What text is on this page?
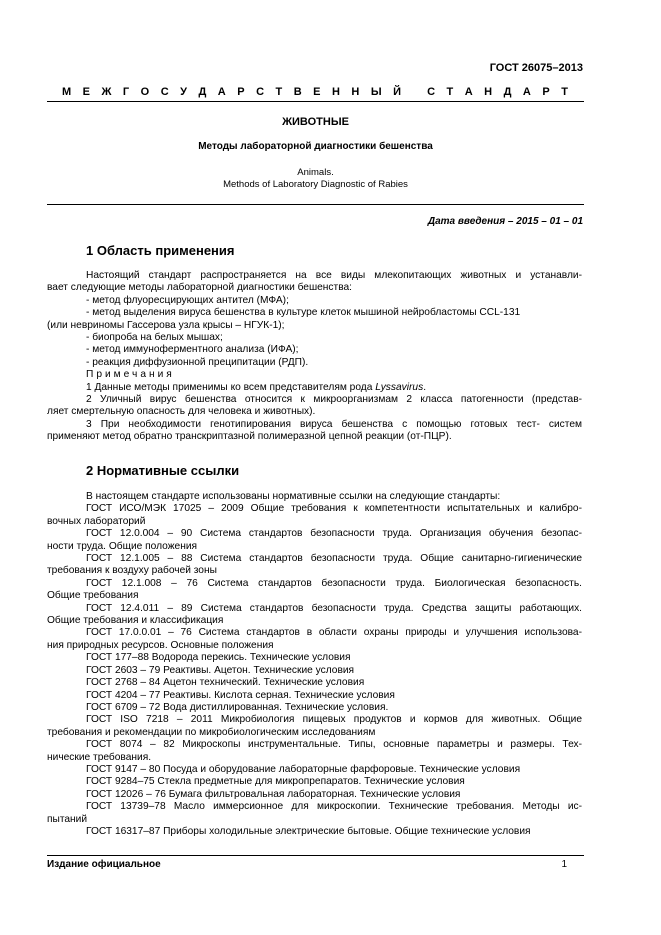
ГОСТ 26075–2013
М Е Ж Г О С У Д А Р С Т В Е Н Н Ы Й
С Т А Н Д А Р Т
ЖИВОТНЫЕ
Методы лабораторной диагностики бешенства
Animals.
Methods of Laboratory Diagnostic of Rabies
Дата введения – 2015 – 01 – 01
1 Область применения
Настоящий стандарт распространяется на все виды млекопитающих животных и устанавли-
вает следующие методы лабораторной диагностики бешенства:
- метод флуоресцирующих антител (МФА);
- метод выделения вируса бешенства в культуре клеток мышиной нейробластомы CCL-131
(или невриномы Гассерова узла крысы – НГУК-1);
- биопроба на белых мышах;
- метод иммуноферментного анализа (ИФА);
- реакция диффузионной преципитации (РДП).
Примечания
1 Данные методы применимы ко всем представителям рода Lyssavirus.
2 Уличный вирус бешенства относится к микроорганизмам 2 класса патогенности (представ-
ляет смертельную опасность для человека и животных).
3 При необходимости генотипирования вируса бешенства с помощью готовых тест- систем
применяют метод обратно транскриптазной полимеразной цепной реакции (от-ПЦР).
2 Нормативные ссылки
В настоящем стандарте использованы нормативные ссылки на следующие стандарты:
ГОСТ ИСО/МЭК 17025 – 2009 Общие требования к компетентности испытательных и калибро-
вочных лабораторий
ГОСТ 12.0.004 – 90 Система стандартов безопасности труда. Организация обучения безопас-
ности труда. Общие положения
ГОСТ 12.1.005 – 88 Система стандартов безопасности труда. Общие санитарно-гигиенические
требования к воздуху рабочей зоны
ГОСТ 12.1.008 – 76 Система стандартов безопасности труда. Биологическая безопасность.
Общие требования
ГОСТ 12.4.011 – 89 Система стандартов безопасности труда. Средства защиты работающих.
Общие требования и классификация
ГОСТ 17.0.0.01 – 76 Система стандартов в области охраны природы и улучшения использова-
ния природных ресурсов. Основные положения
ГОСТ 177–88 Водорода перекись. Технические условия
ГОСТ 2603 – 79 Реактивы. Ацетон. Технические условия
ГОСТ 2768 – 84 Ацетон технический. Технические условия
ГОСТ 4204 – 77 Реактивы. Кислота серная. Технические условия
ГОСТ 6709 – 72 Вода дистиллированная. Технические условия.
ГОСТ ISO 7218 – 2011 Микробиология пищевых продуктов и кормов для животных. Общие
требования и рекомендации по микробиологическим исследованиям
ГОСТ 8074 – 82 Микроскопы инструментальные. Типы, основные параметры и размеры. Тех-
нические требования.
ГОСТ 9147 – 80 Посуда и оборудование лабораторные фарфоровые. Технические условия
ГОСТ 9284–75 Стекла предметные для микропрепаратов. Технические условия
ГОСТ 12026 – 76 Бумага фильтровальная лабораторная. Технические условия
ГОСТ 13739–78 Масло иммерсионное для микроскопии. Технические требования. Методы ис-
пытаний
ГОСТ 16317–87 Приборы холодильные электрические бытовые. Общие технические условия
Издание официальное	1
